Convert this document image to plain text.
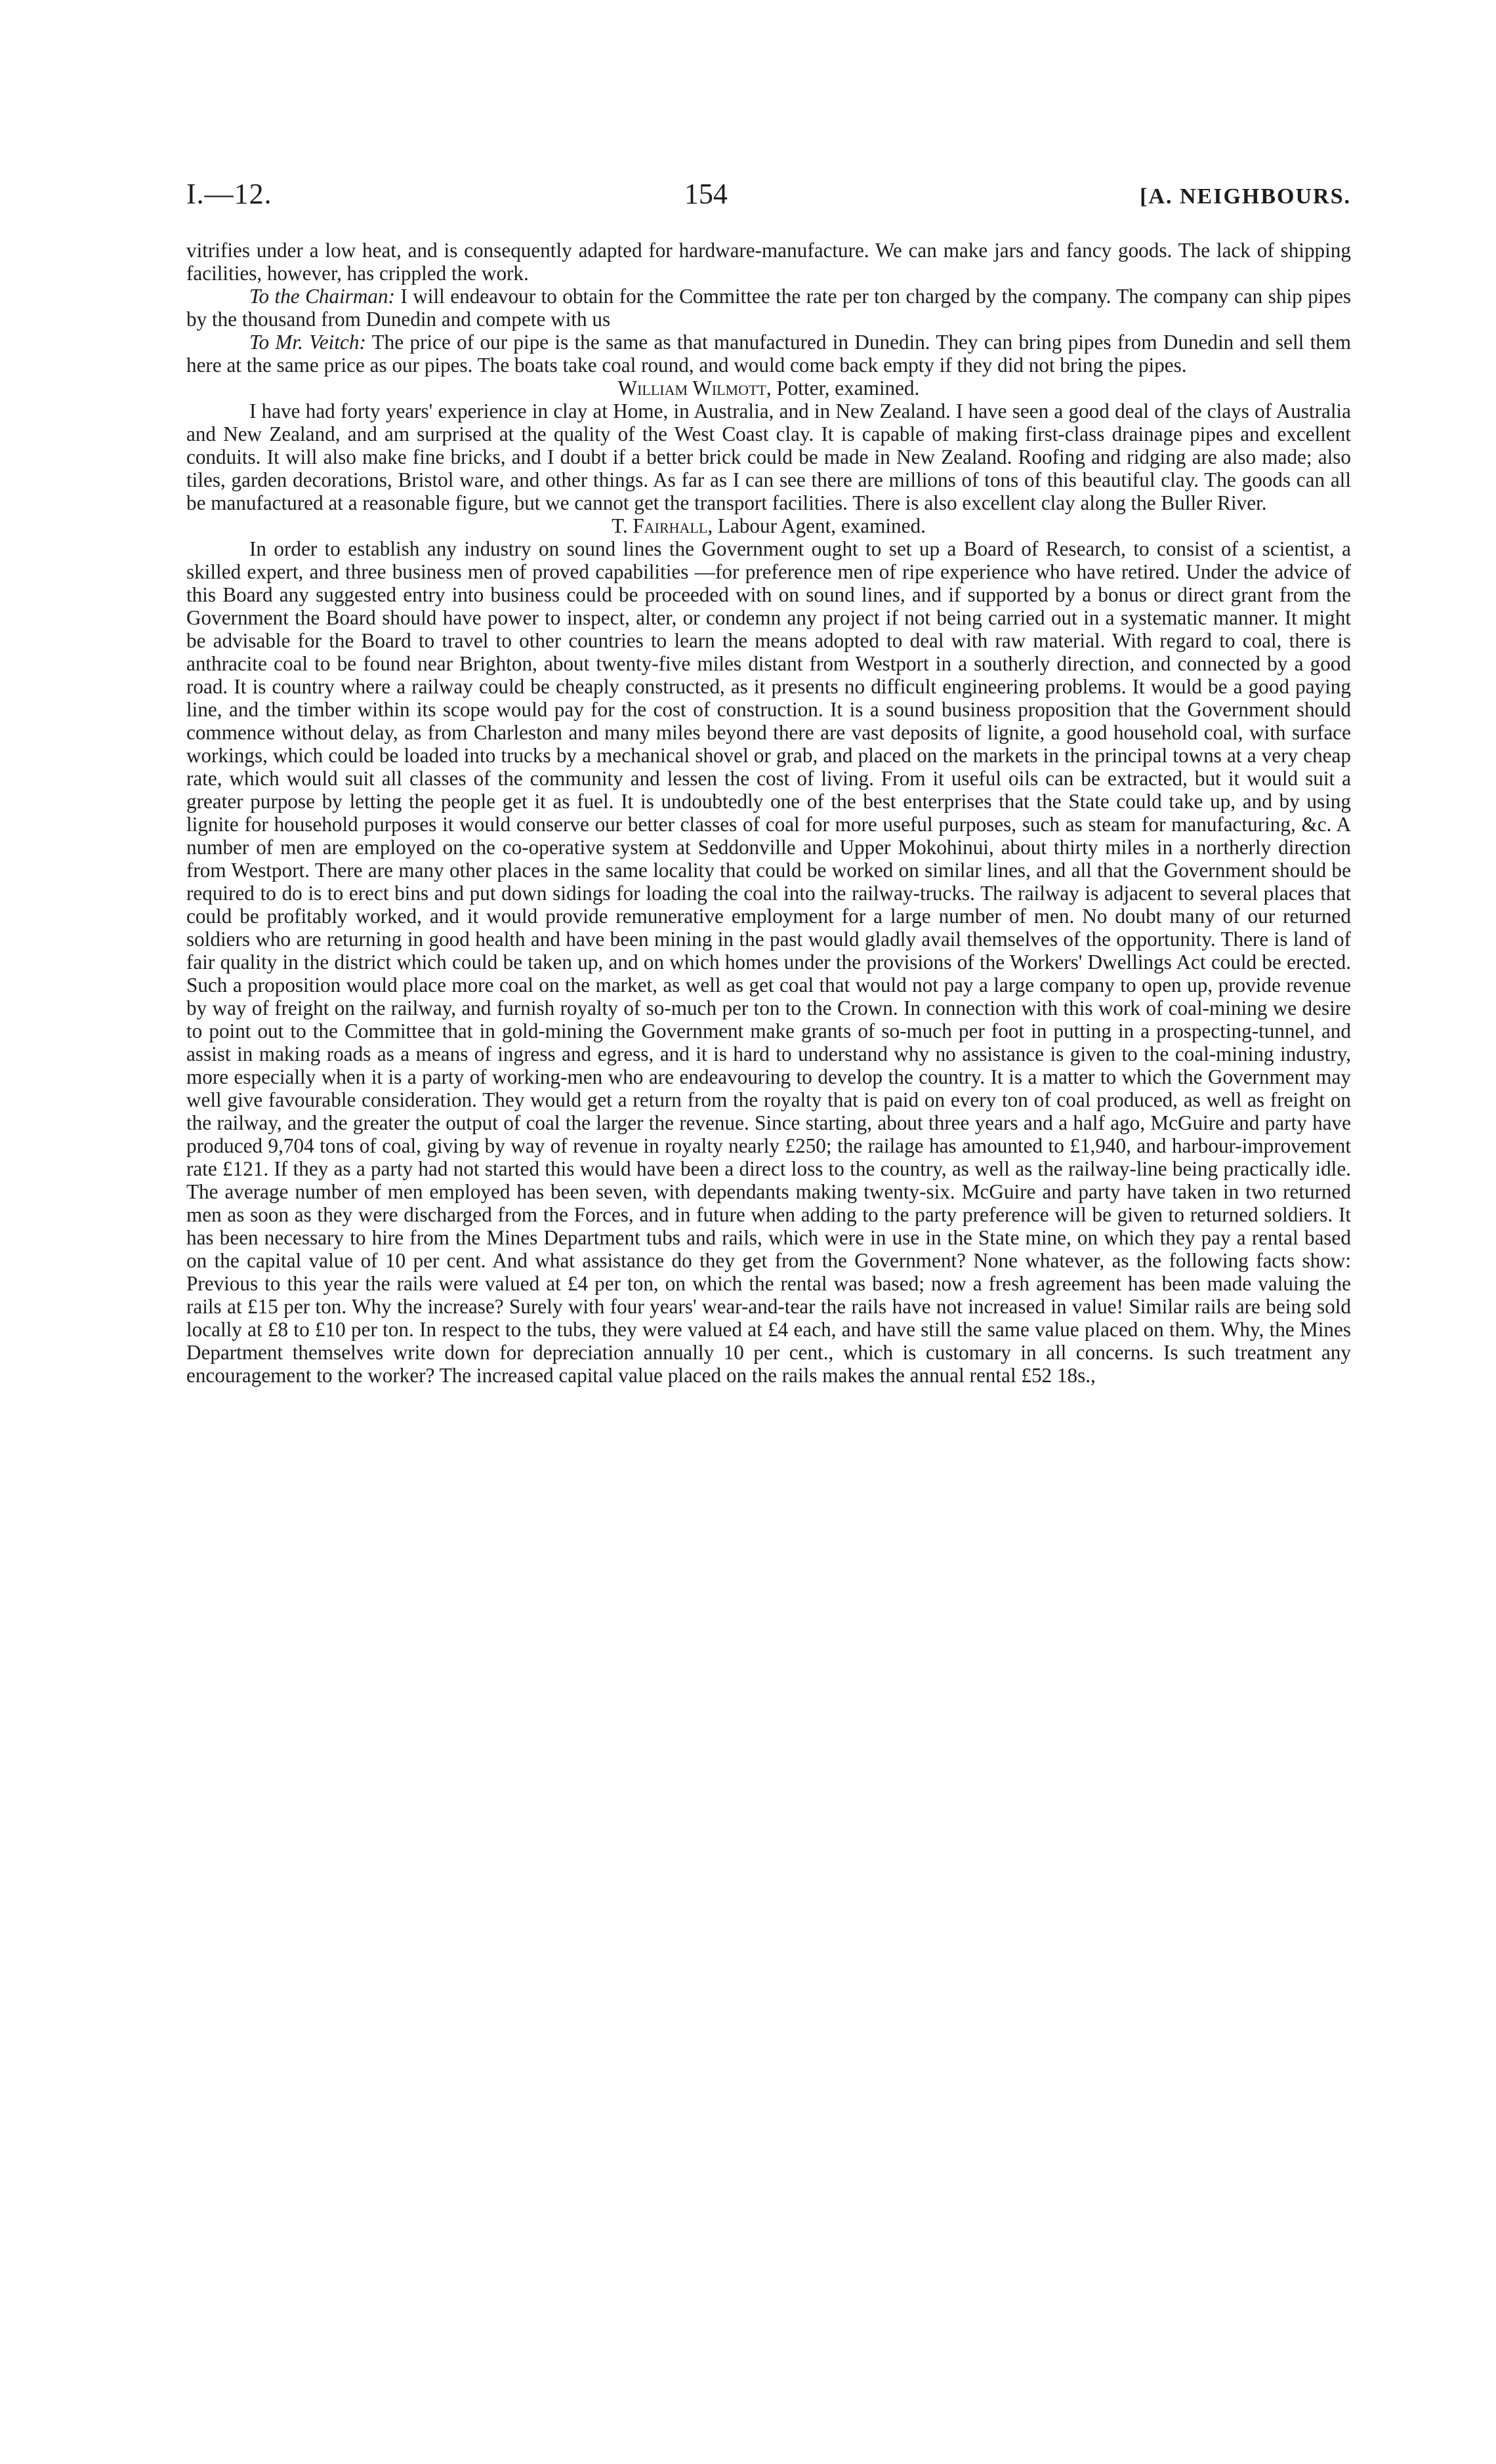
I.—12.	154	[A. NEIGHBOURS.

vitrifies under a low heat, and is consequently adapted for hardware-manufacture. We can make jars and fancy goods. The lack of shipping facilities, however, has crippled the work.

To the Chairman: I will endeavour to obtain for the Committee the rate per ton charged by the company. The company can ship pipes by the thousand from Dunedin and compete with us

To Mr. Veitch: The price of our pipe is the same as that manufactured in Dunedin. They can bring pipes from Dunedin and sell them here at the same price as our pipes. The boats take coal round, and would come back empty if they did not bring the pipes.

William Wilmott, Potter, examined.

I have had forty years' experience in clay at Home, in Australia, and in New Zealand. I have seen a good deal of the clays of Australia and New Zealand, and am surprised at the quality of the West Coast clay. It is capable of making first-class drainage pipes and excellent conduits. It will also make fine bricks, and I doubt if a better brick could be made in New Zealand. Roofing and ridging are also made; also tiles, garden decorations, Bristol ware, and other things. As far as I can see there are millions of tons of this beautiful clay. The goods can all be manufactured at a reasonable figure, but we cannot get the transport facilities. There is also excellent clay along the Buller River.

T. Fairhall, Labour Agent, examined.

In order to establish any industry on sound lines the Government ought to set up a Board of Research, to consist of a scientist, a skilled expert, and three business men of proved capabilities —for preference men of ripe experience who have retired. Under the advice of this Board any suggested entry into business could be proceeded with on sound lines, and if supported by a bonus or direct grant from the Government the Board should have power to inspect, alter, or condemn any project if not being carried out in a systematic manner. It might be advisable for the Board to travel to other countries to learn the means adopted to deal with raw material. With regard to coal, there is anthracite coal to be found near Brighton, about twenty-five miles distant from Westport in a southerly direction, and connected by a good road. It is country where a railway could be cheaply constructed, as it presents no difficult engineering problems. It would be a good paying line, and the timber within its scope would pay for the cost of construction. It is a sound business proposition that the Government should commence without delay, as from Charleston and many miles beyond there are vast deposits of lignite, a good household coal, with surface workings, which could be loaded into trucks by a mechanical shovel or grab, and placed on the markets in the principal towns at a very cheap rate, which would suit all classes of the community and lessen the cost of living. From it useful oils can be extracted, but it would suit a greater purpose by letting the people get it as fuel. It is undoubtedly one of the best enterprises that the State could take up, and by using lignite for household purposes it would conserve our better classes of coal for more useful purposes, such as steam for manufacturing, &c. A number of men are employed on the co-operative system at Seddonville and Upper Mokohinui, about thirty miles in a northerly direction from Westport. There are many other places in the same locality that could be worked on similar lines, and all that the Government should be required to do is to erect bins and put down sidings for loading the coal into the railway-trucks. The railway is adjacent to several places that could be profitably worked, and it would provide remunerative employment for a large number of men. No doubt many of our returned soldiers who are returning in good health and have been mining in the past would gladly avail themselves of the opportunity. There is land of fair quality in the district which could be taken up, and on which homes under the provisions of the Workers' Dwellings Act could be erected. Such a proposition would place more coal on the market, as well as get coal that would not pay a large company to open up, provide revenue by way of freight on the railway, and furnish royalty of so-much per ton to the Crown. In connection with this work of coal-mining we desire to point out to the Committee that in gold-mining the Government make grants of so-much per foot in putting in a prospecting-tunnel, and assist in making roads as a means of ingress and egress, and it is hard to understand why no assistance is given to the coal-mining industry, more especially when it is a party of working-men who are endeavouring to develop the country. It is a matter to which the Government may well give favourable consideration. They would get a return from the royalty that is paid on every ton of coal produced, as well as freight on the railway, and the greater the output of coal the larger the revenue. Since starting, about three years and a half ago, McGuire and party have produced 9,704 tons of coal, giving by way of revenue in royalty nearly £250; the railage has amounted to £1,940, and harbour-improvement rate £121. If they as a party had not started this would have been a direct loss to the country, as well as the railway-line being practically idle. The average number of men employed has been seven, with dependants making twenty-six. McGuire and party have taken in two returned men as soon as they were discharged from the Forces, and in future when adding to the party preference will be given to returned soldiers. It has been necessary to hire from the Mines Department tubs and rails, which were in use in the State mine, on which they pay a rental based on the capital value of 10 per cent. And what assistance do they get from the Government? None whatever, as the following facts show: Previous to this year the rails were valued at £4 per ton, on which the rental was based; now a fresh agreement has been made valuing the rails at £15 per ton. Why the increase? Surely with four years' wear-and-tear the rails have not increased in value! Similar rails are being sold locally at £8 to £10 per ton. In respect to the tubs, they were valued at £4 each, and have still the same value placed on them. Why, the Mines Department themselves write down for depreciation annually 10 per cent., which is customary in all concerns. Is such treatment any encouragement to the worker? The increased capital value placed on the rails makes the annual rental £52 18s.,
